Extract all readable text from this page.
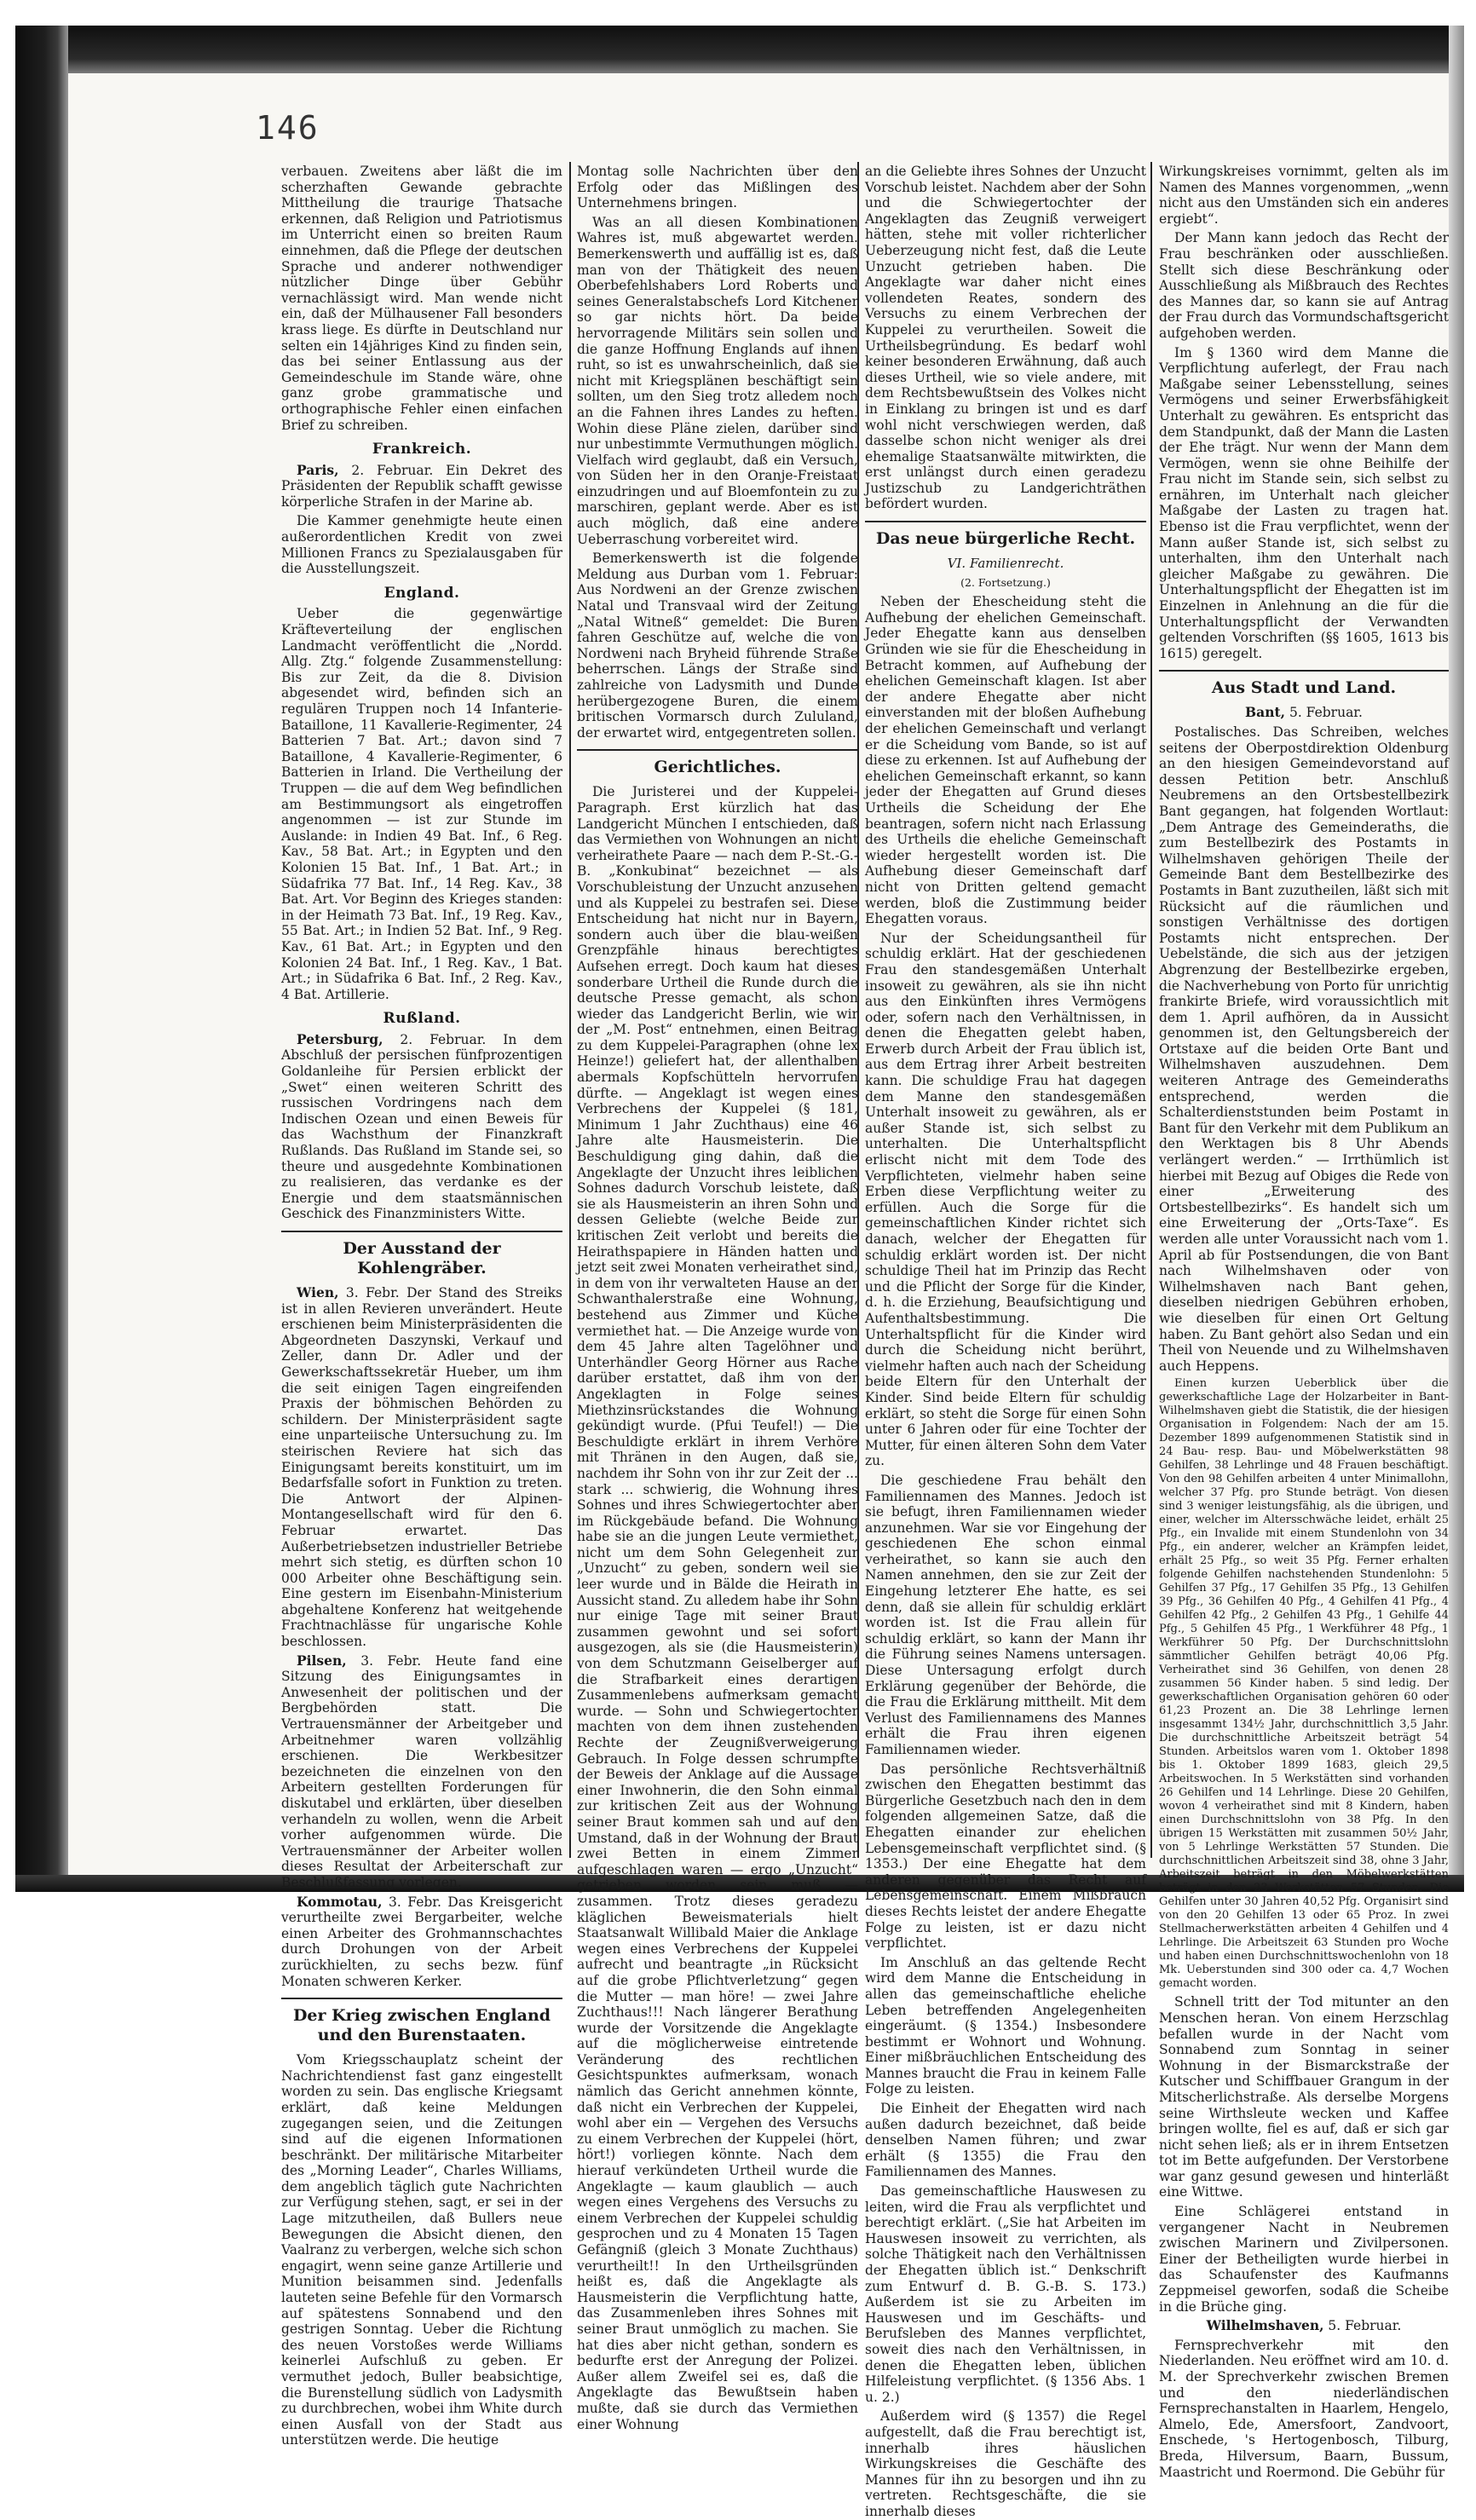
146

verbauen. Zweitens aber läßt die im scherzhaften Gewande gebrachte Mittheilung die traurige Thatsache erkennen, daß Religion und Patriotismus im Unterricht einen so breiten Raum einnehmen, daß die Pflege der deutschen Sprache und anderer nothwendiger nützlicher Dinge über Gebühr vernachlässigt wird. Man wende nicht ein, daß der Mülhausener Fall besonders krass liege. Es dürfte in Deutschland nur selten ein 14jähriges Kind zu finden sein, das bei seiner Entlassung aus der Gemeindeschule im Stande wäre, ohne ganz grobe grammatische und orthographische Fehler einen einfachen Brief zu schreiben.

Frankreich.

Paris, 2. Februar. Ein Dekret des Präsidenten der Republik schafft gewisse körperliche Strafen in der Marine ab.

Die Kammer genehmigte heute einen außerordentlichen Kredit von zwei Millionen Francs zu Spezialausgaben für die Ausstellungszeit.

England.

Ueber die gegenwärtige Kräfteverteilung der englischen Landmacht veröffentlicht die „Nordd. Allg. Ztg.“ folgende Zusammenstellung: Bis zur Zeit, da die 8. Division abgesendet wird, befinden sich an regulären Truppen noch 14 Infanterie-Bataillone, 11 Kavallerie-Regimenter, 24 Batterien 7 Bat. Art.; davon sind 7 Bataillone, 4 Kavallerie-Regimenter, 6 Batterien in Irland. Die Vertheilung der Truppen — die auf dem Weg befindlichen am Bestimmungsort als eingetroffen angenommen — ist zur Stunde im Auslande: in Indien 49 Bat. Inf., 6 Reg. Kav., 58 Bat. Art.; in Egypten und den Kolonien 15 Bat. Inf., 1 Bat. Art.; in Südafrika 77 Bat. Inf., 14 Reg. Kav., 38 Bat. Art. Vor Beginn des Krieges standen: in der Heimath 73 Bat. Inf., 19 Reg. Kav., 55 Bat. Art.; in Indien 52 Bat. Inf., 9 Reg. Kav., 61 Bat. Art.; in Egypten und den Kolonien 24 Bat. Inf., 1 Reg. Kav., 1 Bat. Art.; in Südafrika 6 Bat. Inf., 2 Reg. Kav., 4 Bat. Artillerie.

Rußland.

Petersburg, 2. Februar. In dem Abschluß der persischen fünfprozentigen Goldanleihe für Persien erblickt der „Swet“ einen weiteren Schritt des russischen Vordringens nach dem Indischen Ozean und einen Beweis für das Wachsthum der Finanzkraft Rußlands. Das Rußland im Stande sei, so theure und ausgedehnte Kombinationen zu realisieren, das verdanke es der Energie und dem staatsmännischen Geschick des Finanzministers Witte.

Der Ausstand der Kohlengräber.

Wien, 3. Febr. Der Stand des Streiks ist in allen Revieren unverändert. Heute erschienen beim Ministerpräsidenten die Abgeordneten Daszynski, Verkauf und Zeller, dann Dr. Adler und der Gewerkschaftssekretär Hueber, um ihm die seit einigen Tagen eingreifenden Praxis der böhmischen Behörden zu schildern. Der Ministerpräsident sagte eine unparteiische Untersuchung zu. Im steirischen Reviere hat sich das Einigungsamt bereits konstituirt, um im Bedarfsfalle sofort in Funktion zu treten. Die Antwort der Alpinen-Montangesellschaft wird für den 6. Februar erwartet. Das Außerbetriebsetzen industrieller Betriebe mehrt sich stetig, es dürften schon 10 000 Arbeiter ohne Beschäftigung sein. Eine gestern im Eisenbahn-Ministerium abgehaltene Konferenz hat weitgehende Frachtnachlässe für ungarische Kohle beschlossen.

Pilsen, 3. Febr. Heute fand eine Sitzung des Einigungsamtes in Anwesenheit der politischen und der Bergbehörden statt. Die Vertrauensmänner der Arbeitgeber und Arbeitnehmer waren vollzählig erschienen. Die Werkbesitzer bezeichneten die einzelnen von den Arbeitern gestellten Forderungen für diskutabel und erklärten, über dieselben verhandeln zu wollen, wenn die Arbeit vorher aufgenommen würde. Die Vertrauensmänner der Arbeiter wollen dieses Resultat der Arbeiterschaft zur Beschlußfassung vorlegen.

Kommotau, 3. Febr. Das Kreisgericht verurtheilte zwei Bergarbeiter, welche einen Arbeiter des Grohmannschachtes durch Drohungen von der Arbeit zurückhielten, zu sechs bezw. fünf Monaten schweren Kerker.

Der Krieg zwischen England und den Burenstaaten.

Vom Kriegsschauplatz scheint der Nachrichtendienst fast ganz eingestellt worden zu sein. Das englische Kriegsamt erklärt, daß keine Meldungen zugegangen seien, und die Zeitungen sind auf die eigenen Informationen beschränkt. Der militärische Mitarbeiter des „Morning Leader“, Charles Williams, dem angeblich täglich gute Nachrichten zur Verfügung stehen, sagt, er sei in der Lage mitzutheilen, daß Bullers neue Bewegungen die Absicht dienen, den Vaalranz zu verbergen, welche sich schon engagirt, wenn seine ganze Artillerie und Munition beisammen sind. Jedenfalls lauteten seine Befehle für den Vormarsch auf spätestens Sonnabend und den gestrigen Sonntag. Ueber die Richtung des neuen Vorstoßes werde Williams keinerlei Aufschluß zu geben. Er vermuthet jedoch, Buller beabsichtige, die Burenstellung südlich von Ladysmith zu durchbrechen, wobei ihm White durch einen Ausfall von der Stadt aus unterstützen werde. Die heutige

Montag solle Nachrichten über den Erfolg oder das Mißlingen des Unternehmens bringen.

Was an all diesen Kombinationen Wahres ist, muß abgewartet werden. Bemerkenswerth und auffällig ist es, daß man von der Thätigkeit des neuen Oberbefehlshabers Lord Roberts und seines Generalstabschefs Lord Kitchener so gar nichts hört. Da beide hervorragende Militärs sein sollen und die ganze Hoffnung Englands auf ihnen ruht, so ist es unwahrscheinlich, daß sie nicht mit Kriegsplänen beschäftigt sein sollten, um den Sieg trotz alledem noch an die Fahnen ihres Landes zu heften. Wohin diese Pläne zielen, darüber sind nur unbestimmte Vermuthungen möglich. Vielfach wird geglaubt, daß ein Versuch, von Süden her in den Oranje-Freistaat einzudringen und auf Bloemfontein zu zu marschiren, geplant werde. Aber es ist auch möglich, daß eine andere Ueberraschung vorbereitet wird.

Bemerkenswerth ist die folgende Meldung aus Durban vom 1. Februar: Aus Nordweni an der Grenze zwischen Natal und Transvaal wird der Zeitung „Natal Witneß“ gemeldet: Die Buren fahren Geschütze auf, welche die von Nordweni nach Bryheid führende Straße beherrschen. Längs der Straße sind zahlreiche von Ladysmith und Dunde herübergezogene Buren, die einem britischen Vormarsch durch Zululand, der erwartet wird, entgegentreten sollen.

Gerichtliches.

Die Juristerei und der Kuppelei-Paragraph. Erst kürzlich hat das Landgericht München I entschieden, daß das Vermiethen von Wohnungen an nicht verheirathete Paare — nach dem P.-St.-G.-B. „Konkubinat“ bezeichnet — als Vorschubleistung der Unzucht anzusehen und als Kuppelei zu bestrafen sei. Diese Entscheidung hat nicht nur in Bayern, sondern auch über die blau-weißen Grenzpfähle hinaus berechtigtes Aufsehen erregt. Doch kaum hat dieses sonderbare Urtheil die Runde durch die deutsche Presse gemacht, als schon wieder das Landgericht Berlin, wie wir der „M. Post“ entnehmen, einen Beitrag zu dem Kuppelei-Paragraphen (ohne lex Heinze!) geliefert hat, der allenthalben abermals Kopfschütteln hervorrufen dürfte. — Angeklagt ist wegen eines Verbrechens der Kuppelei (§ 181, Minimum 1 Jahr Zuchthaus) eine 46 Jahre alte Hausmeisterin. Die Beschuldigung ging dahin, daß die Angeklagte der Unzucht ihres leiblichen Sohnes dadurch Vorschub leistete, daß sie als Hausmeisterin an ihren Sohn und dessen Geliebte (welche Beide zur kritischen Zeit verlobt und bereits die Heirathspapiere in Händen hatten und jetzt seit zwei Monaten verheirathet sind, in dem von ihr verwalteten Hause an der Schwanthalerstraße eine Wohnung, bestehend aus Zimmer und Küche vermiethet hat. — Die Anzeige wurde von dem 45 Jahre alten Tagelöhner und Unterhändler Georg Hörner aus Rache darüber erstattet, daß ihm von der Angeklagten in Folge seines Miethzinsrückstandes die Wohnung gekündigt wurde. (Pfui Teufel!) — Die Beschuldigte erklärt in ihrem Verhöre mit Thränen in den Augen, daß sie, nachdem ihr Sohn von ihr zur Zeit der ... stark ... schwierig, die Wohnung ihres Sohnes und ihres Schwiegertochter aber im Rückgebäude befand. Die Wohnung habe sie an die jungen Leute vermiethet, nicht um dem Sohn Gelegenheit zur „Unzucht“ zu geben, sondern weil sie leer wurde und in Bälde die Heirath in Aussicht stand. Zu alledem habe ihr Sohn nur einige Tage mit seiner Braut zusammen gewohnt und sei sofort ausgezogen, als sie (die Hausmeisterin) von dem Schutzmann Geiselberger auf die Strafbarkeit eines derartigen Zusammenlebens aufmerksam gemacht wurde. — Sohn und Schwiegertochter machten von dem ihnen zustehenden Rechte der Zeugnißverweigerung Gebrauch. In Folge dessen schrumpfte der Beweis der Anklage auf die Aussage einer Inwohnerin, die den Sohn einmal zur kritischen Zeit aus der Wohnung seiner Braut kommen sah und auf den Umstand, daß in der Wohnung der Braut zwei Betten in einem Zimmer aufgeschlagen waren — ergo „Unzucht“ getrieben worden sein muß — zusammen. Trotz dieses geradezu kläglichen Beweismaterials hielt Staatsanwalt Willibald Maier die Anklage wegen eines Verbrechens der Kuppelei aufrecht und beantragte „in Rücksicht auf die grobe Pflichtverletzung“ gegen die Mutter — man höre! — zwei Jahre Zuchthaus!!! Nach längerer Berathung wurde der Vorsitzende die Angeklagte auf die möglicherweise eintretende Veränderung des rechtlichen Gesichtspunktes aufmerksam, wonach nämlich das Gericht annehmen könnte, daß nicht ein Verbrechen der Kuppelei, wohl aber ein — Vergehen des Versuchs zu einem Verbrechen der Kuppelei (hört, hört!) vorliegen könnte. Nach dem hierauf verkündeten Urtheil wurde die Angeklagte — kaum glaublich — auch wegen eines Vergehens des Versuchs zu einem Verbrechen der Kuppelei schuldig gesprochen und zu 4 Monaten 15 Tagen Gefängniß (gleich 3 Monate Zuchthaus) verurtheilt!! In den Urtheilsgründen heißt es, daß die Angeklagte als Hausmeisterin die Verpflichtung hatte, das Zusammenleben ihres Sohnes mit seiner Braut unmöglich zu machen. Sie hat dies aber nicht gethan, sondern es bedurfte erst der Anregung der Polizei. Außer allem Zweifel sei es, daß die Angeklagte das Bewußtsein haben mußte, daß sie durch das Vermiethen einer Wohnung

an die Geliebte ihres Sohnes der Unzucht Vorschub leistet. Nachdem aber der Sohn und die Schwiegertochter der Angeklagten das Zeugniß verweigert hätten, stehe mit voller richterlicher Ueberzeugung nicht fest, daß die Leute Unzucht getrieben haben. Die Angeklagte war daher nicht eines vollendeten Reates, sondern des Versuchs zu einem Verbrechen der Kuppelei zu verurtheilen. Soweit die Urtheilsbegründung. Es bedarf wohl keiner besonderen Erwähnung, daß auch dieses Urtheil, wie so viele andere, mit dem Rechtsbewußtsein des Volkes nicht in Einklang zu bringen ist und es darf wohl nicht verschwiegen werden, daß dasselbe schon nicht weniger als drei ehemalige Staatsanwälte mitwirkten, die erst unlängst durch einen geradezu Justizschub zu Landgerichträthen befördert wurden.

Das neue bürgerliche Recht.
VI. Familienrecht.
(2. Fortsetzung.)

Neben der Ehescheidung steht die Aufhebung der ehelichen Gemeinschaft. Jeder Ehegatte kann aus denselben Gründen wie sie für die Ehescheidung in Betracht kommen, auf Aufhebung der ehelichen Gemeinschaft klagen. Ist aber der andere Ehegatte aber nicht einverstanden mit der bloßen Aufhebung der ehelichen Gemeinschaft und verlangt er die Scheidung vom Bande, so ist auf diese zu erkennen. Ist auf Aufhebung der ehelichen Gemeinschaft erkannt, so kann jeder der Ehegatten auf Grund dieses Urtheils die Scheidung der Ehe beantragen, sofern nicht nach Erlassung des Urtheils die eheliche Gemeinschaft wieder hergestellt worden ist. Die Aufhebung dieser Gemeinschaft darf nicht von Dritten geltend gemacht werden, bloß die Zustimmung beider Ehegatten voraus.

Nur der Scheidungsantheil für schuldig erklärt. Hat der geschiedenen Frau den standesgemäßen Unterhalt insoweit zu gewähren, als sie ihn nicht aus den Einkünften ihres Vermögens oder, sofern nach den Verhältnissen, in denen die Ehegatten gelebt haben, Erwerb durch Arbeit der Frau üblich ist, aus dem Ertrag ihrer Arbeit bestreiten kann. Die schuldige Frau hat dagegen dem Manne den standesgemäßen Unterhalt insoweit zu gewähren, als er außer Stande ist, sich selbst zu unterhalten. Die Unterhaltspflicht erlischt nicht mit dem Tode des Verpflichteten, vielmehr haben seine Erben diese Verpflichtung weiter zu erfüllen. Auch die Sorge für die gemeinschaftlichen Kinder richtet sich danach, welcher der Ehegatten für schuldig erklärt worden ist. Der nicht schuldige Theil hat im Prinzip das Recht und die Pflicht der Sorge für die Kinder, d. h. die Erziehung, Beaufsichtigung und Aufenthaltsbestimmung. Die Unterhaltspflicht für die Kinder wird durch die Scheidung nicht berührt, vielmehr haften auch nach der Scheidung beide Eltern für den Unterhalt der Kinder. Sind beide Eltern für schuldig erklärt, so steht die Sorge für einen Sohn unter 6 Jahren oder für eine Tochter der Mutter, für einen älteren Sohn dem Vater zu.

Die geschiedene Frau behält den Familiennamen des Mannes. Jedoch ist sie befugt, ihren Familiennamen wieder anzunehmen. War sie vor Eingehung der geschiedenen Ehe schon einmal verheirathet, so kann sie auch den Namen annehmen, den sie zur Zeit der Eingehung letzterer Ehe hatte, es sei denn, daß sie allein für schuldig erklärt worden ist. Ist die Frau allein für schuldig erklärt, so kann der Mann ihr die Führung seines Namens untersagen. Diese Untersagung erfolgt durch Erklärung gegenüber der Behörde, die die Frau die Erklärung mittheilt. Mit dem Verlust des Familiennamens des Mannes erhält die Frau ihren eigenen Familiennamen wieder.

Das persönliche Rechtsverhältniß zwischen den Ehegatten bestimmt das Bürgerliche Gesetzbuch nach den in dem folgenden allgemeinen Satze, daß die Ehegatten einander zur ehelichen Lebensgemeinschaft verpflichtet sind. (§ 1353.) Der eine Ehegatte hat dem anderen gegenüber das Recht auf Lebensgemeinschaft. Einem Mißbrauch dieses Rechts leistet der andere Ehegatte Folge zu leisten, ist er dazu nicht verpflichtet.

Im Anschluß an das geltende Recht wird dem Manne die Entscheidung in allen das gemeinschaftliche eheliche Leben betreffenden Angelegenheiten eingeräumt. (§ 1354.) Insbesondere bestimmt er Wohnort und Wohnung. Einer mißbräuchlichen Entscheidung des Mannes braucht die Frau in keinem Falle Folge zu leisten.

Die Einheit der Ehegatten wird nach außen dadurch bezeichnet, daß beide denselben Namen führen; und zwar erhält (§ 1355) die Frau den Familiennamen des Mannes.

Das gemeinschaftliche Hauswesen zu leiten, wird die Frau als verpflichtet und berechtigt erklärt. („Sie hat Arbeiten im Hauswesen insoweit zu verrichten, als solche Thätigkeit nach den Verhältnissen der Ehegatten üblich ist.“ Denkschrift zum Entwurf d. B. G.-B. S. 173.) Außerdem ist sie zu Arbeiten im Hauswesen und im Geschäfts- und Berufsleben des Mannes verpflichtet, soweit dies nach den Verhältnissen, in denen die Ehegatten leben, üblichen Hilfeleistung verpflichtet. (§ 1356 Abs. 1 u. 2.)

Außerdem wird (§ 1357) die Regel aufgestellt, daß die Frau berechtigt ist, innerhalb ihres häuslichen Wirkungskreises die Geschäfte des Mannes für ihn zu besorgen und ihn zu vertreten. Rechtsgeschäfte, die sie innerhalb dieses

Wirkungskreises vornimmt, gelten als im Namen des Mannes vorgenommen, „wenn nicht aus den Umständen sich ein anderes ergiebt“.

Der Mann kann jedoch das Recht der Frau beschränken oder ausschließen. Stellt sich diese Beschränkung oder Ausschließung als Mißbrauch des Rechtes des Mannes dar, so kann sie auf Antrag der Frau durch das Vormundschaftsgericht aufgehoben werden.

Im § 1360 wird dem Manne die Verpflichtung auferlegt, der Frau nach Maßgabe seiner Lebensstellung, seines Vermögens und seiner Erwerbsfähigkeit Unterhalt zu gewähren. Es entspricht das dem Standpunkt, daß der Mann die Lasten der Ehe trägt. Nur wenn der Mann dem Vermögen, wenn sie ohne Beihilfe der Frau nicht im Stande sein, sich selbst zu ernähren, im Unterhalt nach gleicher Maßgabe der Lasten zu tragen hat. Ebenso ist die Frau verpflichtet, wenn der Mann außer Stande ist, sich selbst zu unterhalten, ihm den Unterhalt nach gleicher Maßgabe zu gewähren. Die Unterhaltungspflicht der Ehegatten ist im Einzelnen in Anlehnung an die für die Unterhaltungspflicht der Verwandten geltenden Vorschriften (§§ 1605, 1613 bis 1615) geregelt.

Aus Stadt und Land.

Bant, 5. Februar.

Postalisches. Das Schreiben, welches seitens der Oberpostdirektion Oldenburg an den hiesigen Gemeindevorstand auf dessen Petition betr. Anschluß Neubremens an den Ortsbestellbezirk Bant gegangen, hat folgenden Wortlaut: „Dem Antrage des Gemeinderaths, die zum Bestellbezirk des Postamts in Wilhelmshaven gehörigen Theile der Gemeinde Bant dem Bestellbezirke des Postamts in Bant zuzutheilen, läßt sich mit Rücksicht auf die räumlichen und sonstigen Verhältnisse des dortigen Postamts nicht entsprechen. Der Uebelstände, die sich aus der jetzigen Abgrenzung der Bestellbezirke ergeben, die Nachverhebung von Porto für unrichtig frankirte Briefe, wird voraussichtlich mit dem 1. April aufhören, da in Aussicht genommen ist, den Geltungsbereich der Ortstaxe auf die beiden Orte Bant und Wilhelmshaven auszudehnen. Dem weiteren Antrage des Gemeinderaths entsprechend, werden die Schalterdienststunden beim Postamt in Bant für den Verkehr mit dem Publikum an den Werktagen bis 8 Uhr Abends verlängert werden.“ — Irrthümlich ist hierbei mit Bezug auf Obiges die Rede von einer „Erweiterung des Ortsbestellbezirks“. Es handelt sich um eine Erweiterung der „Orts-Taxe“. Es werden alle unter Voraussicht nach vom 1. April ab für Postsendungen, die von Bant nach Wilhelmshaven oder von Wilhelmshaven nach Bant gehen, dieselben niedrigen Gebühren erhoben, wie dieselben für einen Ort Geltung haben. Zu Bant gehört also Sedan und ein Theil von Neuende und zu Wilhelmshaven auch Heppens.

Einen kurzen Ueberblick über die gewerkschaftliche Lage der Holzarbeiter in Bant-Wilhelmshaven giebt die Statistik, die der hiesigen Organisation in Folgendem: Nach der am 15. Dezember 1899 aufgenommenen Statistik sind in 24 Bau- resp. Bau- und Möbelwerkstätten 98 Gehilfen, 38 Lehrlinge und 48 Frauen beschäftigt. Von den 98 Gehilfen arbeiten 4 unter Minimallohn, welcher 37 Pfg. pro Stunde beträgt. Von diesen sind 3 weniger leistungsfähig, als die übrigen, und einer, welcher im Altersschwäche leidet, erhält 25 Pfg., ein Invalide mit einem Stundenlohn von 34 Pfg., ein anderer, welcher an Krämpfen leidet, erhält 25 Pfg., so weit 35 Pfg. Ferner erhalten folgende Gehilfen nachstehenden Stundenlohn: 5 Gehilfen 37 Pfg., 17 Gehilfen 35 Pfg., 13 Gehilfen 39 Pfg., 36 Gehilfen 40 Pfg., 4 Gehilfen 41 Pfg., 4 Gehilfen 42 Pfg., 2 Gehilfen 43 Pfg., 1 Gehilfe 44 Pfg., 5 Gehilfen 45 Pfg., 1 Werkführer 48 Pfg., 1 Werkführer 50 Pfg. Der Durchschnittslohn sämmtlicher Gehilfen beträgt 40,06 Pfg. Verheirathet sind 36 Gehilfen, von denen 28 zusammen 56 Kinder haben. 5 sind ledig. Der gewerkschaftlichen Organisation gehören 60 oder 61,23 Prozent an. Die 38 Lehrlinge lernen insgesammt 134½ Jahr, durchschnittlich 3,5 Jahr. Die durchschnittliche Arbeitszeit beträgt 54 Stunden. Arbeitslos waren vom 1. Oktober 1898 bis 1. Oktober 1899 1683, gleich 29,5 Arbeitswochen. In 5 Werkstätten sind vorhanden 26 Gehilfen und 14 Lehrlinge. Diese 20 Gehilfen, wovon 4 verheirathet sind mit 8 Kindern, haben einen Durchschnittslohn von 38 Pfg. In den übrigen 15 Werkstätten mit zusammen 50½ Jahr, von 5 Lehrlinge Werkstätten 57 Stunden. Die durchschnittlichen Arbeitszeit sind 38, ohne 3 Jahr, Arbeitszeit beträgt in den Möbelwerkstätten beträgt in den 23 Werkstätten 57 Stunden. Die Gehilfen unter 30 Jahren 40,52 Pfg. Organisirt sind von den 20 Gehilfen 13 oder 65 Proz. In zwei Stellmacherwerkstätten arbeiten 4 Gehilfen und 4 Lehrlinge. Die Arbeitszeit 63 Stunden pro Woche und haben einen Durchschnittswochenlohn von 18 Mk. Ueberstunden sind 300 oder ca. 4,7 Wochen gemacht worden.

Schnell tritt der Tod mitunter an den Menschen heran. Von einem Herzschlag befallen wurde in der Nacht vom Sonnabend zum Sonntag in seiner Wohnung in der Bismarckstraße der Kutscher und Schiffbauer Grangum in der Mitscherlichstraße. Als derselbe Morgens seine Wirthsleute wecken und Kaffee bringen wollte, fiel es auf, daß er sich gar nicht sehen ließ; als er in ihrem Entsetzen tot im Bette aufgefunden. Der Verstorbene war ganz gesund gewesen und hinterläßt eine Wittwe.

Eine Schlägerei entstand in vergangener Nacht in Neubremen zwischen Marinern und Zivilpersonen. Einer der Betheiligten wurde hierbei in das Schaufenster des Kaufmanns Zeppmeisel geworfen, sodaß die Scheibe in die Brüche ging.

Wilhelmshaven, 5. Februar.

Fernsprechverkehr mit den Niederlanden. Neu eröffnet wird am 10. d. M. der Sprechverkehr zwischen Bremen und den niederländischen Fernsprechanstalten in Haarlem, Hengelo, Almelo, Ede, Amersfoort, Zandvoort, Enschede, 's Hertogenbosch, Tilburg, Breda, Hilversum, Baarn, Bussum, Maastricht und Roermond. Die Gebühr für
